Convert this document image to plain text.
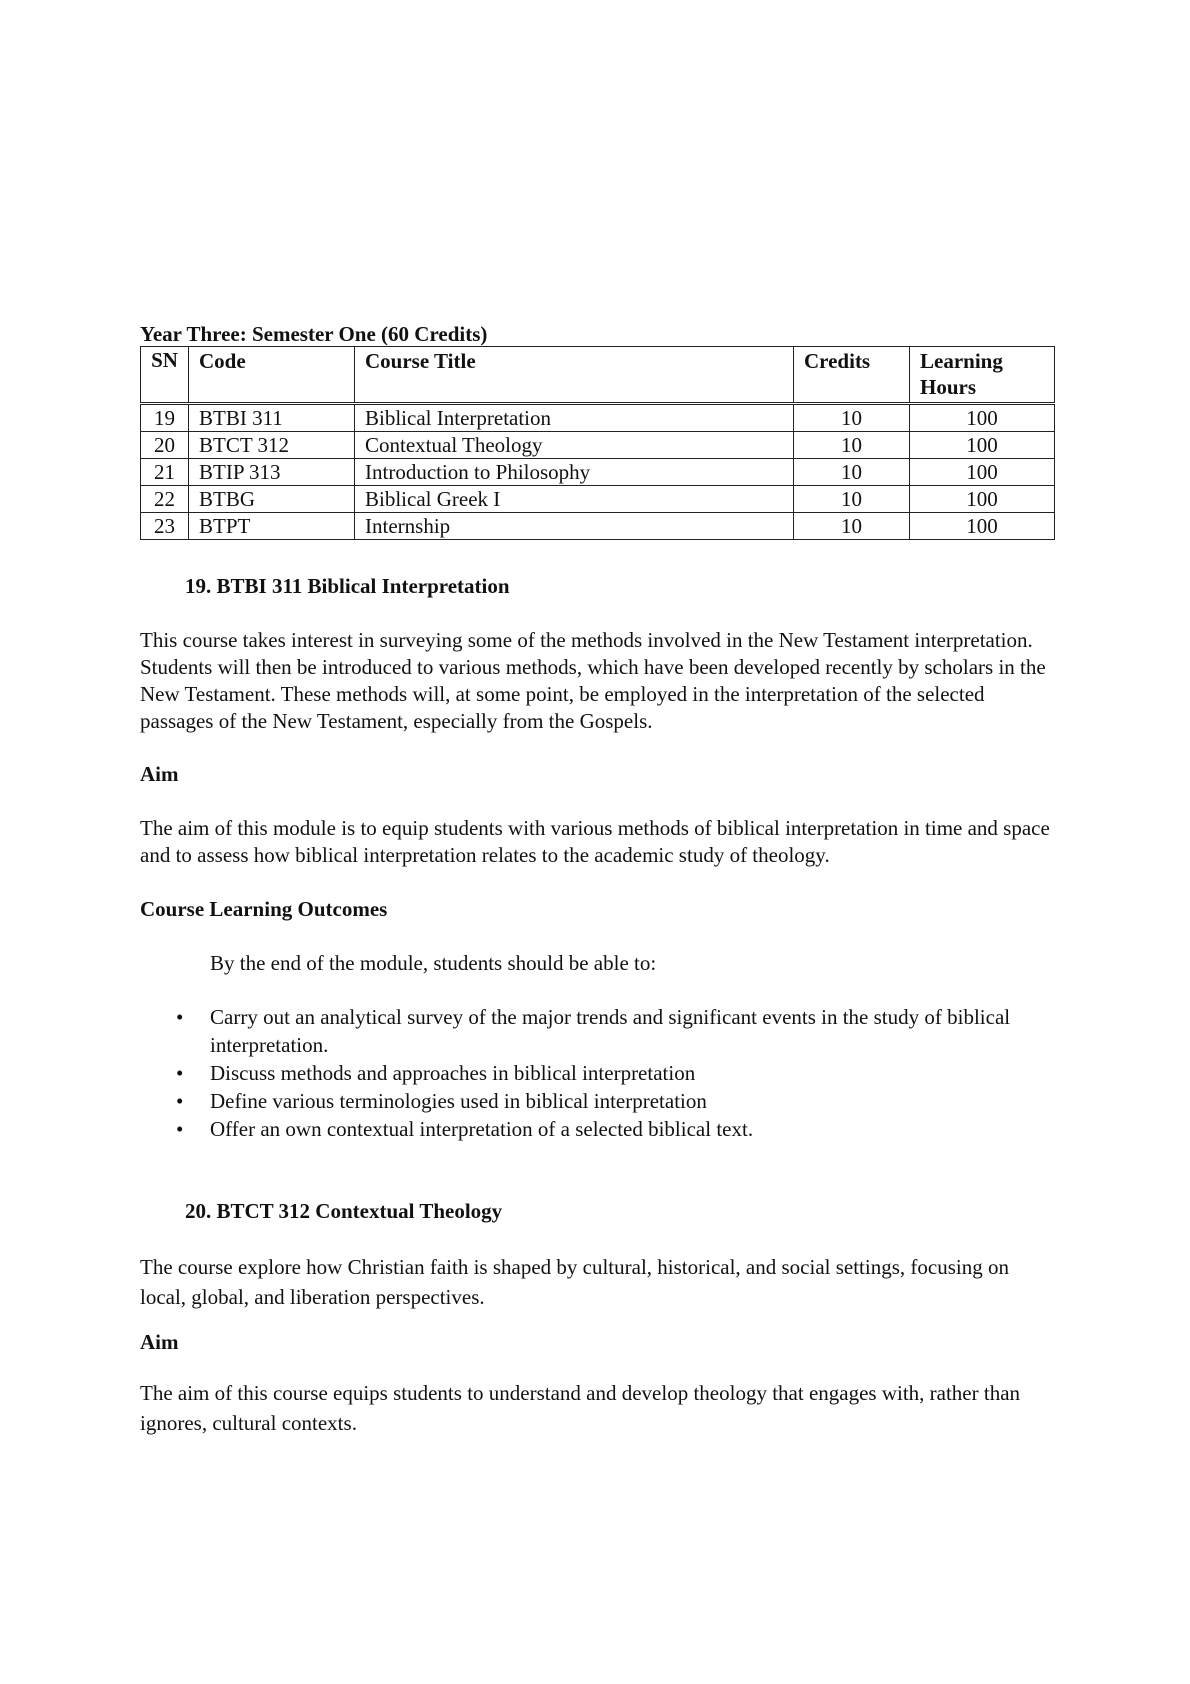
Year Three: Semester One (60 Credits)
SN	Code	Course Title	Credits	Learning Hours
19	BTBI 311	Biblical Interpretation	10	100
20	BTCT 312	Contextual Theology	10	100
21	BTIP 313	Introduction to Philosophy	10	100
22	BTBG	Biblical Greek I	10	100
23	BTPT	Internship	10	100
19. BTBI 311 Biblical Interpretation
This course takes interest in surveying some of the methods involved in the New Testament interpretation. Students will then be introduced to various methods, which have been developed recently by scholars in the New Testament. These methods will, at some point, be employed in the interpretation of the selected passages of the New Testament, especially from the Gospels.
Aim
The aim of this module is to equip students with various methods of biblical interpretation in time and space and to assess how biblical interpretation relates to the academic study of theology.
Course Learning Outcomes
By the end of the module, students should be able to:
• Carry out an analytical survey of the major trends and significant events in the study of biblical interpretation.
• Discuss methods and approaches in biblical interpretation
• Define various terminologies used in biblical interpretation
• Offer an own contextual interpretation of a selected biblical text.
20. BTCT 312 Contextual Theology
The course explore how Christian faith is shaped by cultural, historical, and social settings, focusing on local, global, and liberation perspectives.
Aim
The aim of this course equips students to understand and develop theology that engages with, rather than ignores, cultural contexts.
